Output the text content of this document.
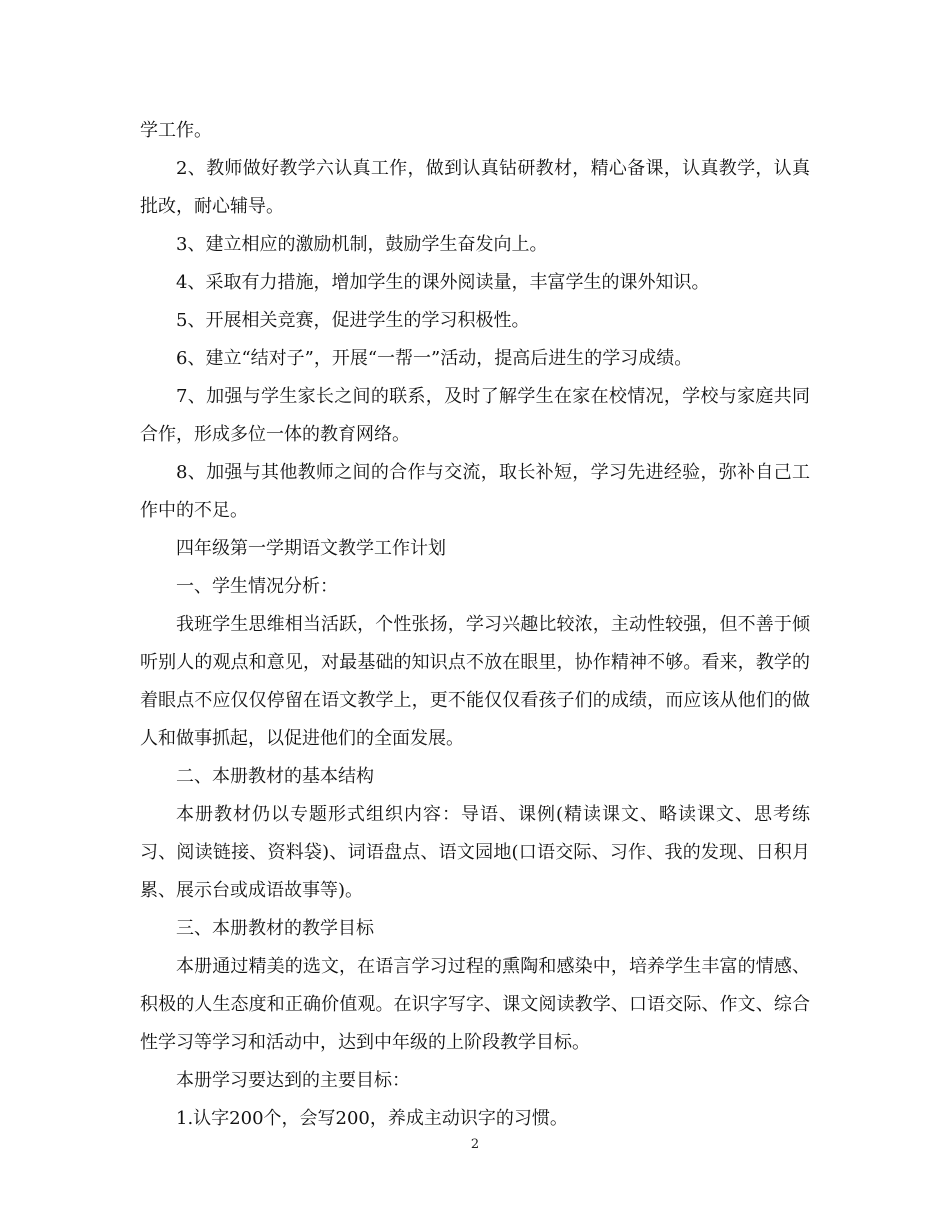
学工作。

2、教师做好教学六认真工作，做到认真钻研教材，精心备课，认真教学，认真批改，耐心辅导。

3、建立相应的激励机制，鼓励学生奋发向上。

4、采取有力措施，增加学生的课外阅读量，丰富学生的课外知识。

5、开展相关竞赛，促进学生的学习积极性。

6、建立“结对子”，开展“一帮一”活动，提高后进生的学习成绩。

7、加强与学生家长之间的联系，及时了解学生在家在校情况，学校与家庭共同合作，形成多位一体的教育网络。

8、加强与其他教师之间的合作与交流，取长补短，学习先进经验，弥补自己工作中的不足。

四年级第一学期语文教学工作计划

一、学生情况分析：

我班学生思维相当活跃，个性张扬，学习兴趣比较浓，主动性较强，但不善于倾听别人的观点和意见，对最基础的知识点不放在眼里，协作精神不够。看来，教学的着眼点不应仅仅停留在语文教学上，更不能仅仅看孩子们的成绩，而应该从他们的做人和做事抓起，以促进他们的全面发展。

二、本册教材的基本结构

本册教材仍以专题形式组织内容：导语、课例(精读课文、略读课文、思考练习、阅读链接、资料袋)、词语盘点、语文园地(口语交际、习作、我的发现、日积月累、展示台或成语故事等)。

三、本册教材的教学目标

本册通过精美的选文，在语言学习过程的熏陶和感染中，培养学生丰富的情感、积极的人生态度和正确价值观。在识字写字、课文阅读教学、口语交际、作文、综合性学习等学习和活动中，达到中年级的上阶段教学目标。

本册学习要达到的主要目标：

1.认字200个，会写200，养成主动识字的习惯。

2
